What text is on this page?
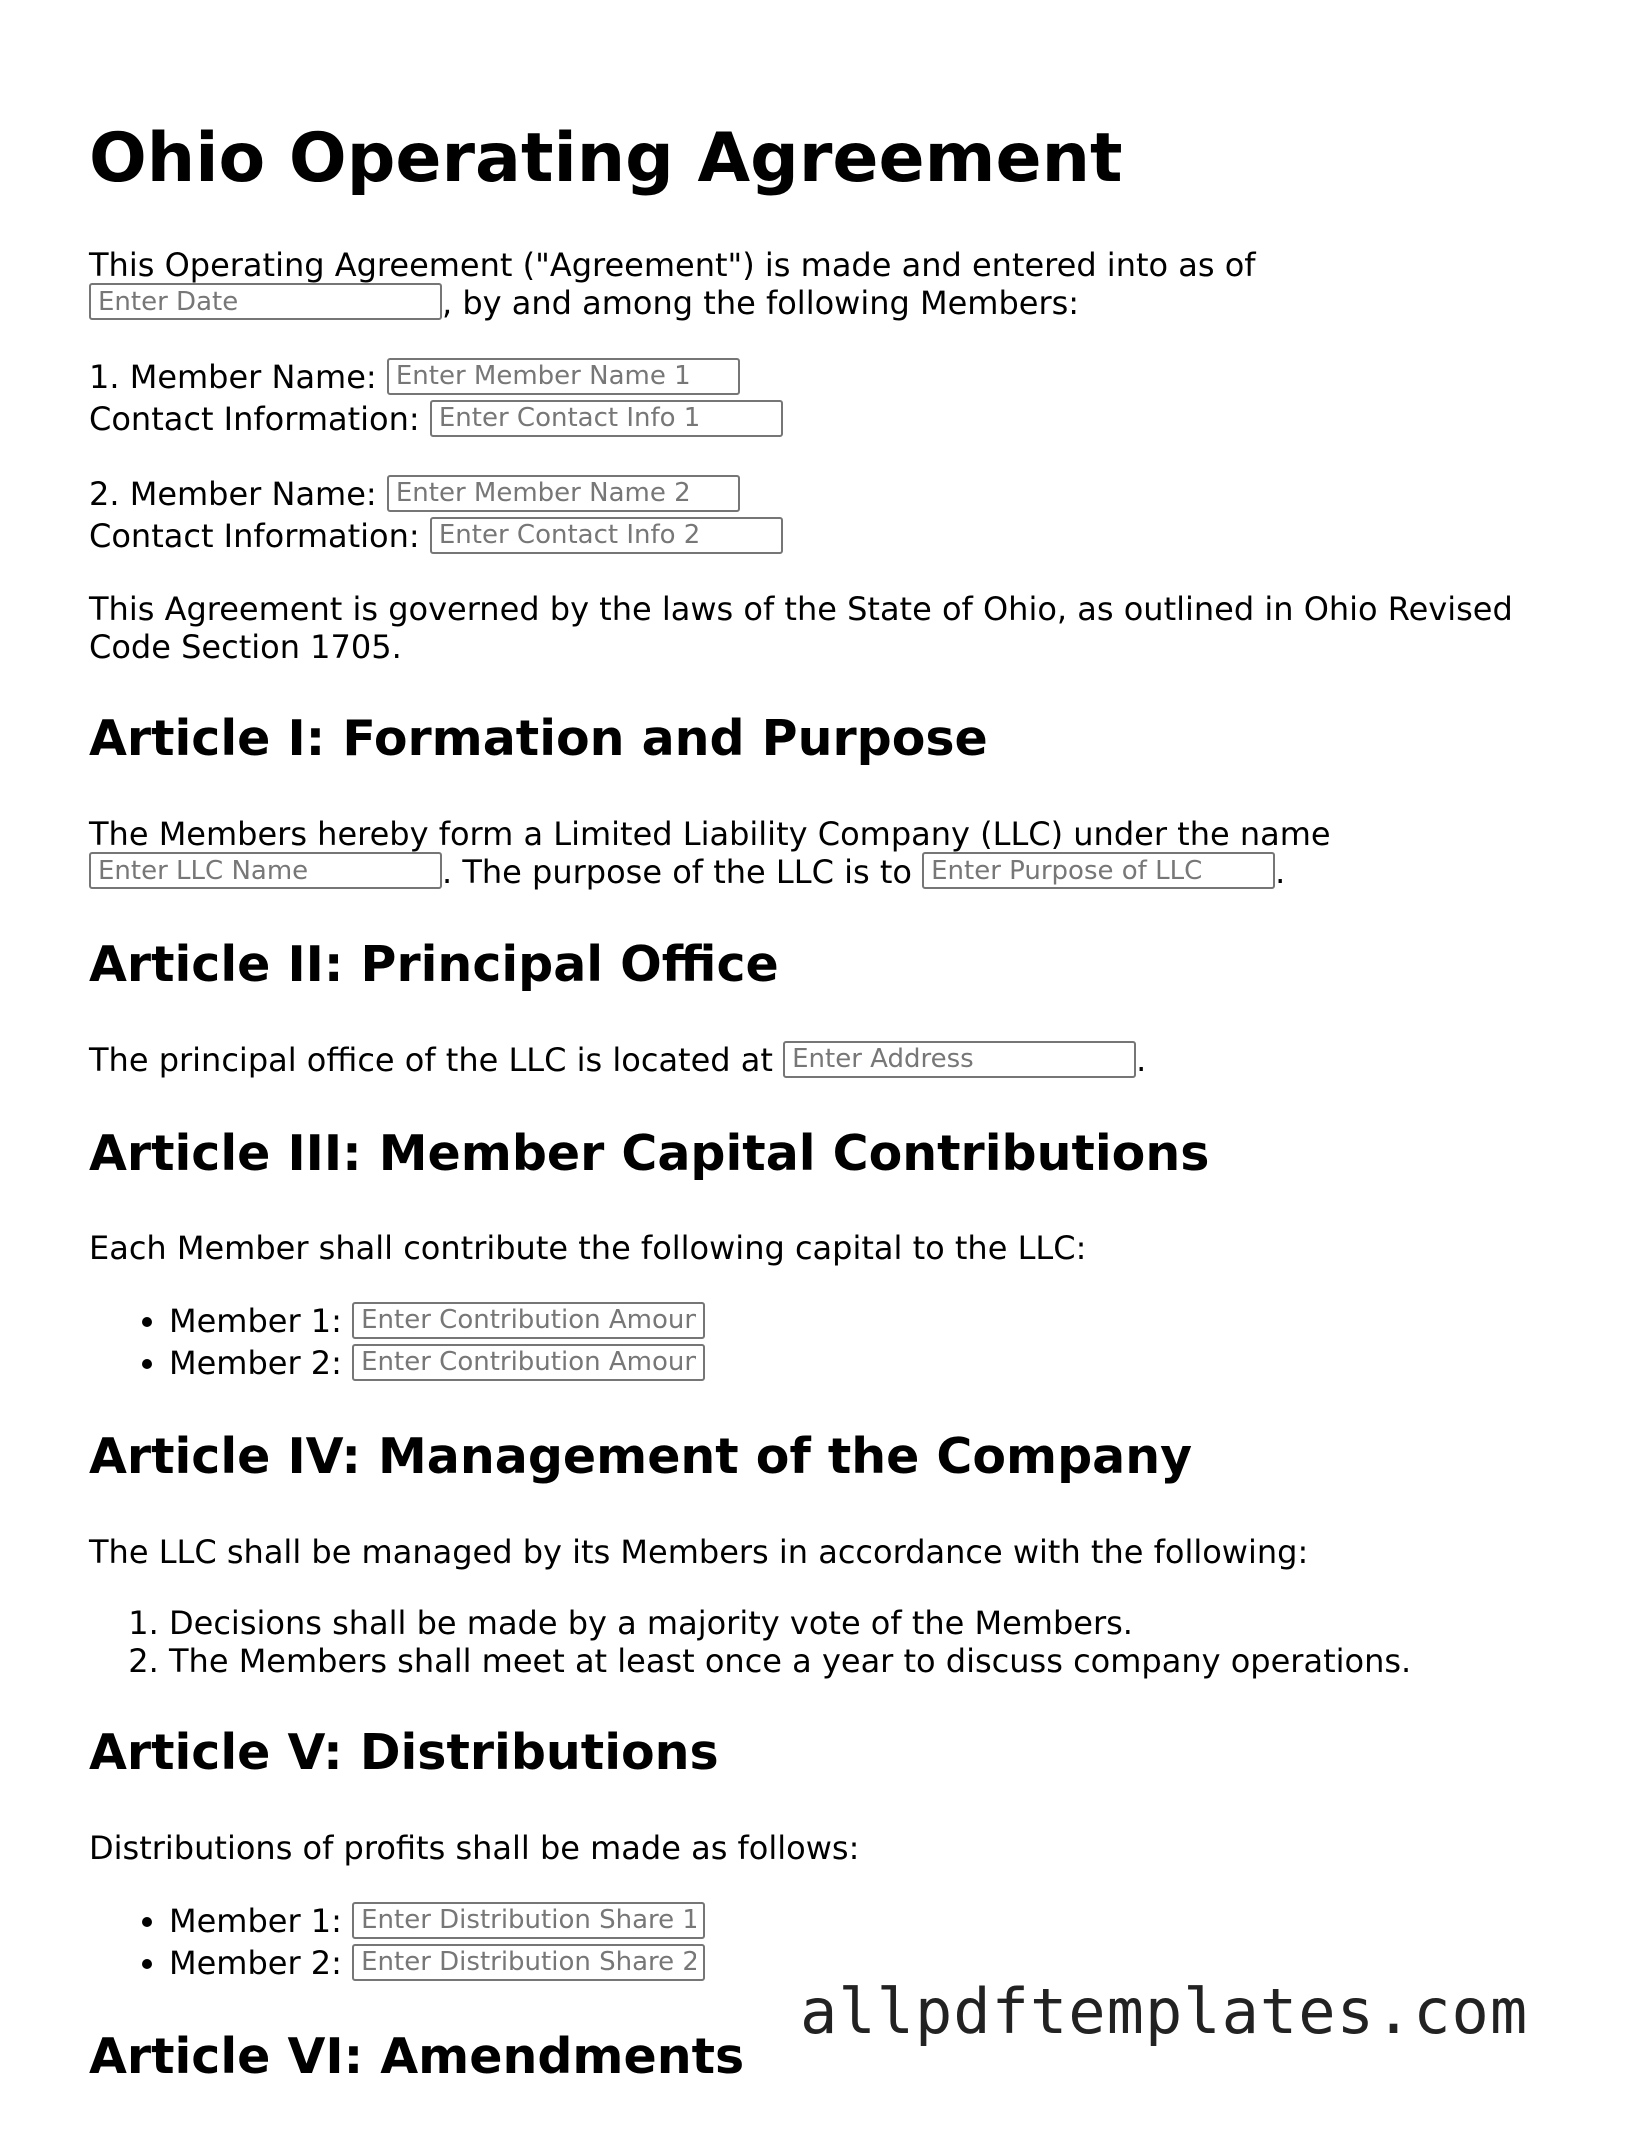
Ohio Operating Agreement

This Operating Agreement ("Agreement") is made and entered into as of
Enter Date, by and among the following Members:

1. Member Name: Enter Member Name 1

Contact Information: Enter Contact Info 1

2. Member Name: Enter Member Name 2

Contact Information: Enter Contact Info 2

This Agreement is governed by the laws of the State of Ohio, as outlined in Ohio Revised Code Section 1705.

Article I: Formation and Purpose

The Members hereby form a Limited Liability Company (LLC) under the name
Enter LLC Name. The purpose of the LLC is to Enter Purpose of LLC	.

Article II: Principal Office

The principal office of the LLC is located at Enter Address	.

Article III: Member Capital Contributions

Each Member shall contribute the following capital to the LLC:

• Member 1: Enter Contribution Amount
• Member 2: Enter Contribution Amount
Article IV: Management of the Company

The LLC shall be managed by its Members in accordance with the following:

1. Decisions shall be made by a majority vote of the Members.
2. The Members shall meet at least once a year to discuss company operations.
Article V: Distributions

Distributions of profits shall be made as follows:

• Member 1: Enter Distribution Share 1
• Member 2: Enter Distribution Share 2
Article VI: Amendments
allpdftemplates.com
